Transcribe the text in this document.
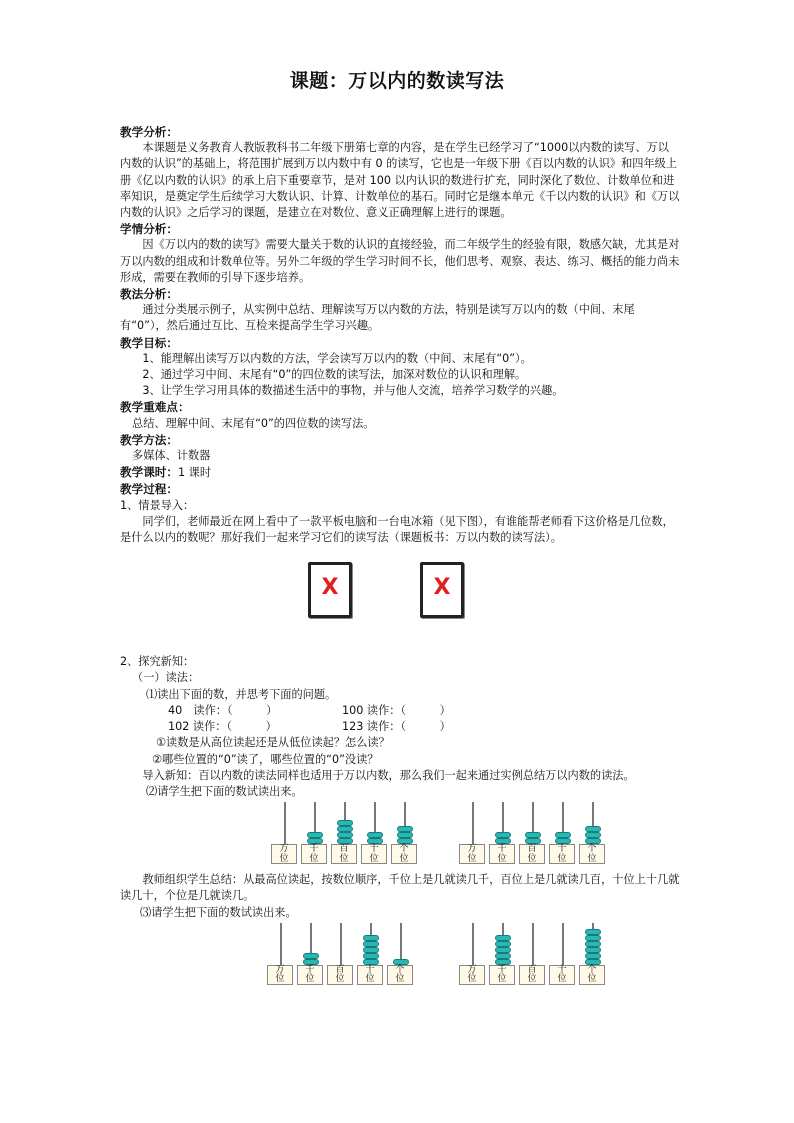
课题：万以内的数读写法

教学分析：

本课题是义务教育人教版教科书二年级下册第七章的内容，是在学生已经学习了“1000以内数的读写、万以内数的认识”的基础上，将范围扩展到万以内数中有 0 的读写，它也是一年级下册《百以内数的认识》和四年级上册《亿以内数的认识》的承上启下重要章节，是对 100 以内认识的数进行扩充，同时深化了数位、计数单位和进率知识，是奠定学生后续学习大数认识、计算、计数单位的基石。同时它是继本单元《千以内数的认识》和《万以内数的认识》之后学习的课题，是建立在对数位、意义正确理解上进行的课题。

学情分析：

因《万以内的数的读写》需要大量关于数的认识的直接经验，而二年级学生的经验有限，数感欠缺，尤其是对万以内数的组成和计数单位等。另外二年级的学生学习时间不长，他们思考、观察、表达、练习、概括的能力尚未形成，需要在教师的引导下逐步培养。

教法分析：

通过分类展示例子，从实例中总结、理解读写万以内数的方法，特别是读写万以内的数（中间、末尾有“0”），然后通过互比、互检来提高学生学习兴趣。

教学目标：

1、能理解出读写万以内数的方法，学会读写万以内的数（中间、末尾有“0”）。

2、通过学习中间、末尾有“0”的四位数的读写法，加深对数位的认识和理解。

3、让学生学习用具体的数描述生活中的事物，并与他人交流，培养学习数学的兴趣。

教学重难点：

总结、理解中间、末尾有“0”的四位数的读写法。

教学方法：

多媒体、计数器

教学课时：1 课时

教学过程：

1、情景导入：

同学们，老师最近在网上看中了一款平板电脑和一台电冰箱（见下图），有谁能帮老师看下这价格是几位数，是什么以内的数呢？那好我们一起来学习它们的读写法（课题板书：万以内数的读写法）。

X	X

2、探究新知：

（一）读法：

⑴读出下面的数，并思考下面的问题。

40　读作：（　　　）	100 读作：（　　　）
102 读作：（　　　）	123 读作：（　　　）

①读数是从高位读起还是从低位读起？怎么读？

②哪些位置的“0”读了，哪些位置的“0”没读？

导入新知：百以内数的读法同样也适用于万以内数，那么我们一起来通过实例总结万以内数的读法。

⑵请学生把下面的数试读出来。

万
位
千
位
百
位
十
位
个
位
万
位
千
位
百
位
十
位
个
位

教师组织学生总结：从最高位读起，按数位顺序，千位上是几就读几千，百位上是几就读几百，十位上十几就读几十，个位是几就读几。

⑶请学生把下面的数试读出来。

万
位
千
位
百
位
十
位
个
位
万
位
千
位
百
位
十
位
个
位
